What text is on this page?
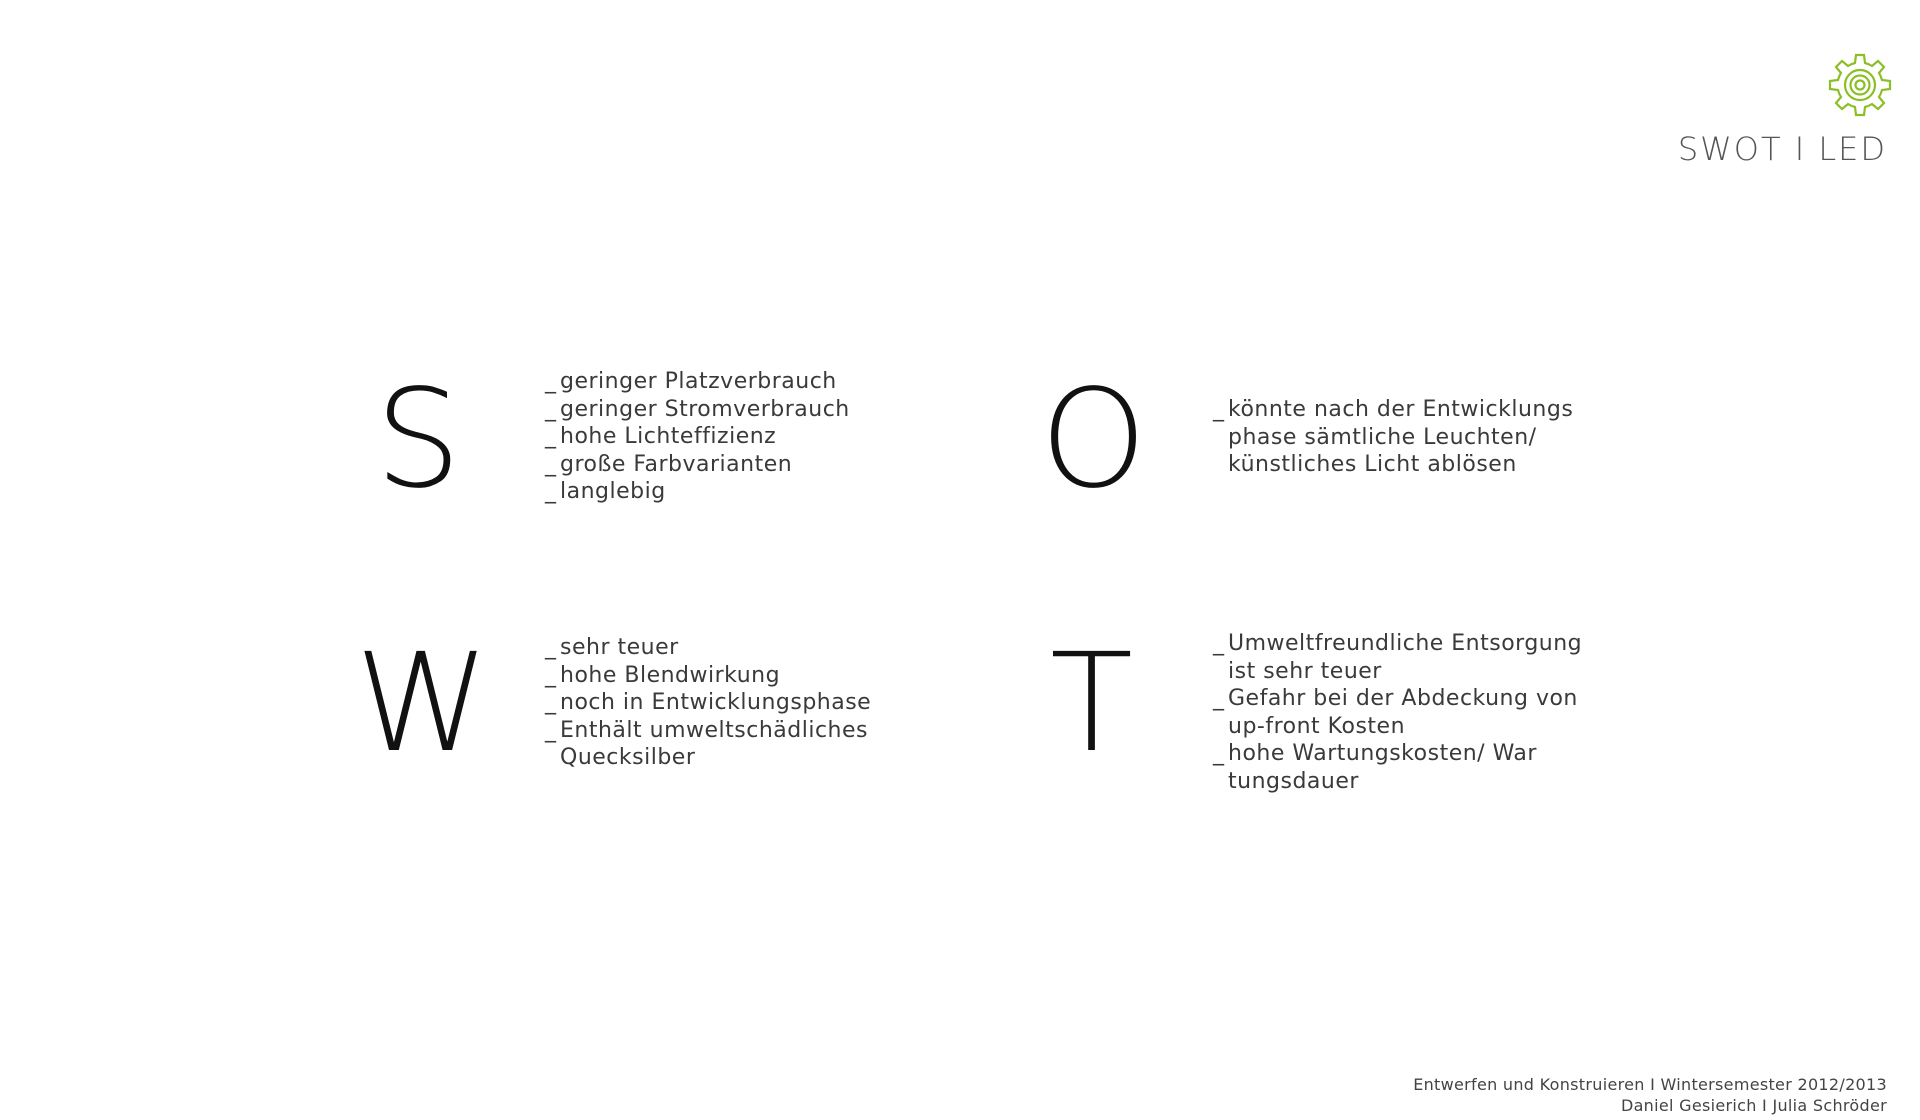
SWOT I LED
S	_ geringer Platzverbrauch
_ geringer Stromverbrauch
_ hohe Lichteffizienz
_ große Farbvarianten
_ langlebig	O	_ könnte nach der Entwicklungs
phase sämtliche Leuchten/
künstliches Licht ablösen
W	_ sehr teuer
_ hohe Blendwirkung
_ noch in Entwicklungsphase
_ Enthält umweltschädliches
Quecksilber	T	_ Umweltfreundliche Entsorgung
ist sehr teuer
_ Gefahr bei der Abdeckung von
up-front Kosten
_ hohe Wartungskosten/ War
tungsdauer
Entwerfen und Konstruieren I Wintersemester 2012/2013
Daniel Gesierich I Julia Schröder
